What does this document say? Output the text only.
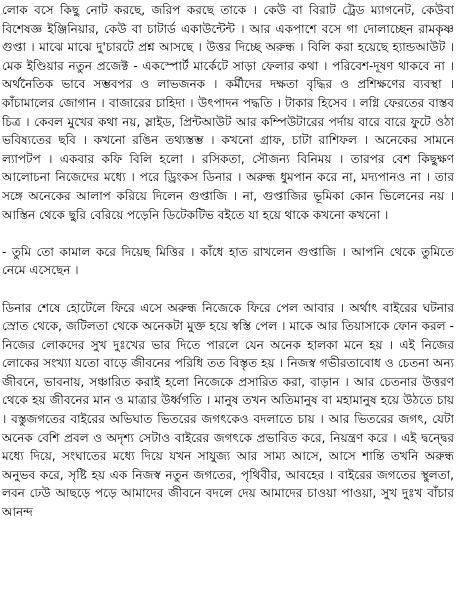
লোক বসে কিছু নোট করছে, জরিপ করছে তাকে । কেউ বা বিরাট ট্রেড ম্যাগনেট, কেউবা বিশেষজ্ঞ ইঞ্জিনিয়ার, কেউ বা চাটার্ড একাউন্টেন্ট । আর একপাশে বসে গা দোলাচ্ছেন রামকৃষ্ণ গুপ্তা । মাঝে মাঝে দু'চারটে প্রশ্ন আসছে । উত্তর দিচ্ছে অরুন্ধ । বিলি করা হয়েছে হ্যান্ডআউট । মেক ইণ্ডিয়ার নতুন প্রজেক্ট - একস্পোর্ট মার্কেটে সাড়া ফেলার কথা । পরিবেশ-দূষণ থাকবে না । অর্থনৈতিক ভাবে সম্ভবপর ও লাভজনক । কর্মীদের দক্ষতা বৃদ্ধির ও প্রশিক্ষণের ব্যবস্থা । কাঁচামালের জোগান । বাজারের চাহিদা । উৎপাদন পদ্ধতি । টাকার হিসেব । লগ্নি ফেরতের বাস্তব চিত্র । কেবল মুখের কথা নয়, স্লাইড, প্রিন্টআউট আর কম্পিউটারের পর্দায় বারে বারে ফুটে ওঠা ভবিষ্যতের ছবি । কখনো রঙিন তথ্যস্তম্ভ । কখনো গ্রাফ, চাটা রাশিফল । অনেকের সামনে ল্যাপটপ । একবার কফি বিলি হলো । রসিকতা, সৌজন্য বিনিময় । তারপর বেশ কিছুক্ষণ আলোচনা নিজেদের মধ্যে । পরে ড্রিংকস ডিনার । অরুন্ধ ধুমপান করে না, মদ্যপানও না । তার সঙ্গে অনেকের আলাপ করিয়ে দিলেন গুপ্তাজি । না, গুপ্তাজির ভূমিকা কোন ভিলেনের নয় । আস্তিন থেকে ছুরি বেরিয়ে পড়েনি ডিটেকটিভ বইতে যা হয়ে থাকে কখনো কখনো ।

- তুমি তো কামাল করে দিয়েছ মিত্তির । কাঁধে হাত রাখলেন গুপ্তাজি । আপনি থেকে তুমিতে নেমে এসেছেন ।

ডিনার শেষে হোটেলে ফিরে এসে অরুন্ধ নিজেকে ফিরে পেল আবার । অর্থাৎ বাইরের ঘটনার স্রোত থেকে, জটিলতা থেকে অনেকটা মুক্ত হয়ে স্বস্তি পেল । মাকে আর তিয়াসাকে ফোন করল - নিজের লোকদের সুখ দুঃখের ভার দিতে পারলে যেন অনেক হালকা মনে হয় । এই নিজের লোকের সংখ্যা যতো বাড়ে জীবনের পরিধি তত বিস্তৃত হয় । নিজস্ব গভীরতাবোধ ও চেতনা অন্য জীবনে, ভাবনায়, সঞ্চারিত করাই হলো নিজেকে প্রসারিত করা, বাড়ান । আর চেতনার উত্তরণ থেকে হয় জীবনের মান ও মাত্রার উর্ধ্বগতি । মানুষ তখন অতিমানুষ বা মহামানুষ হয়ে উঠতে চায় । বস্তুজগতের বাইরের অভিঘাত ভিতরের জগৎকেও বদলাতে চায় । আর ভিতরের জগৎ, যেটা অনেক বেশি প্রবল ও অদৃশ্য সেটাও বাইরের জগৎকে প্রভাবিত করে, নিয়ন্ত্রণ করে । এই দ্বন্দ্বের মধ্যে দিয়ে, সংঘাতের মধ্যে দিয়ে যখন সাযুজ্য আর সাম্য আসে, আসে শান্তি তখনি অরুন্ধ অনুভব করে, সৃষ্টি হয় এক নিজস্ব নতুন জগতের, পৃথিবীর, আবহের । বাইরের জগতের স্থুলতা, লবন ঢেউ আছড়ে পড়ে আমাদের জীবনে বদলে দেয় আমাদের চাওয়া পাওয়া, সুখ দুঃখ বাঁচার আনন্দ
